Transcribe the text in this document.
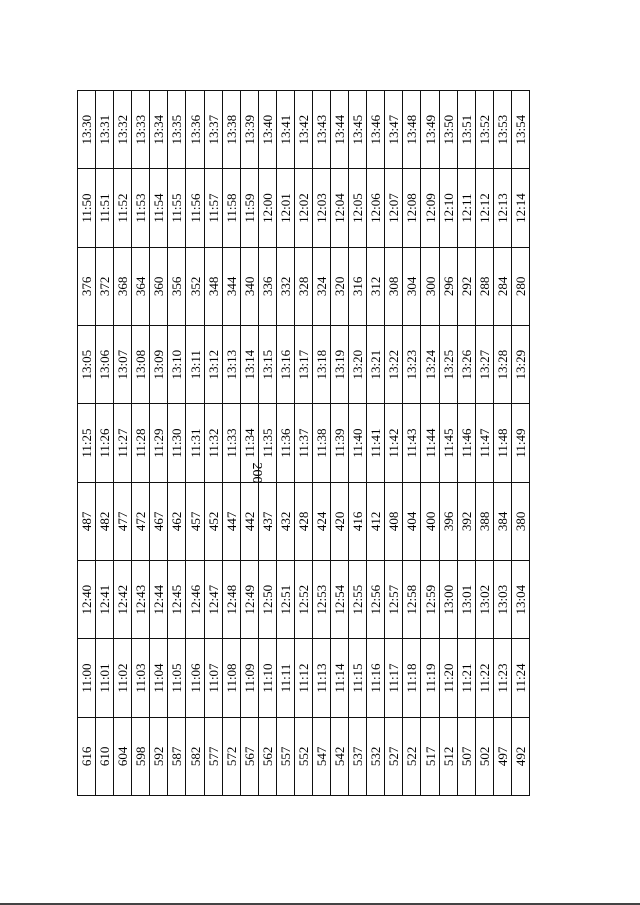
200
616	11:00	12:40	487	11:25	13:05	376	11:50	13:30
610	11:01	12:41	482	11:26	13:06	372	11:51	13:31
604	11:02	12:42	477	11:27	13:07	368	11:52	13:32
598	11:03	12:43	472	11:28	13:08	364	11:53	13:33
592	11:04	12:44	467	11:29	13:09	360	11:54	13:34
587	11:05	12:45	462	11:30	13:10	356	11:55	13:35
582	11:06	12:46	457	11:31	13:11	352	11:56	13:36
577	11:07	12:47	452	11:32	13:12	348	11:57	13:37
572	11:08	12:48	447	11:33	13:13	344	11:58	13:38
567	11:09	12:49	442	11:34	13:14	340	11:59	13:39
562	11:10	12:50	437	11:35	13:15	336	12:00	13:40
557	11:11	12:51	432	11:36	13:16	332	12:01	13:41
552	11:12	12:52	428	11:37	13:17	328	12:02	13:42
547	11:13	12:53	424	11:38	13:18	324	12:03	13:43
542	11:14	12:54	420	11:39	13:19	320	12:04	13:44
537	11:15	12:55	416	11:40	13:20	316	12:05	13:45
532	11:16	12:56	412	11:41	13:21	312	12:06	13:46
527	11:17	12:57	408	11:42	13:22	308	12:07	13:47
522	11:18	12:58	404	11:43	13:23	304	12:08	13:48
517	11:19	12:59	400	11:44	13:24	300	12:09	13:49
512	11:20	13:00	396	11:45	13:25	296	12:10	13:50
507	11:21	13:01	392	11:46	13:26	292	12:11	13:51
502	11:22	13:02	388	11:47	13:27	288	12:12	13:52
497	11:23	13:03	384	11:48	13:28	284	12:13	13:53
492	11:24	13:04	380	11:49	13:29	280	12:14	13:54
